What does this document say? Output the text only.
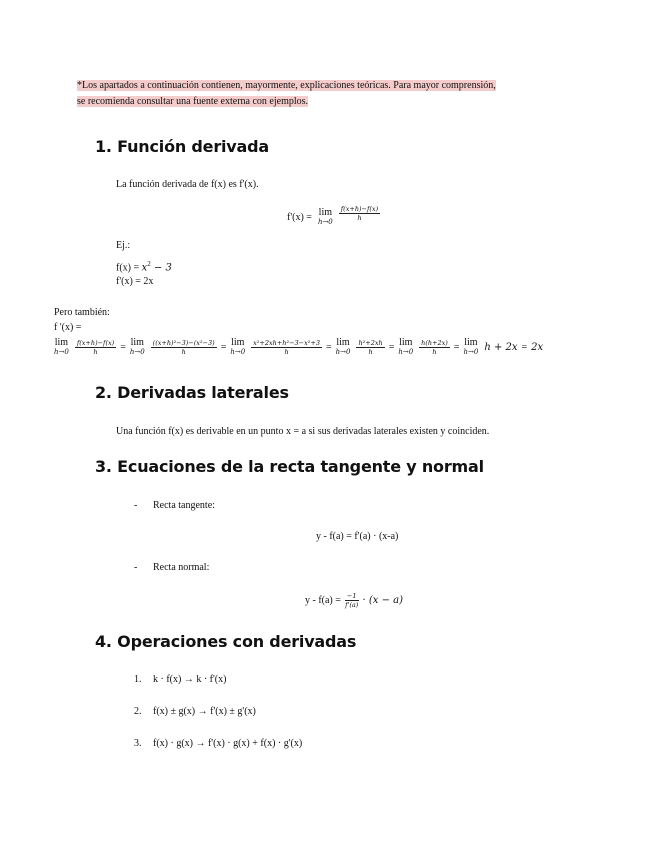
*Los apartados a continuación contienen, mayormente, explicaciones teóricas. Para mayor comprensión,
se recomienda consultar una fuente externa con ejemplos.
1. Función derivada
La función derivada de f(x) es f'(x).
f'(x) = lim
$h\to 0 \frac{f(x+h)-f(x)}{h}$
Ej.:
$f(x) = x^2 - 3$
f'(x) = 2x
Pero también:
f '(x) =
lim
$h\to 0 \frac{f(x+h)-f(x)}{h} = \lim$
$h\to 0 \frac{\text{((x+h)²−3)−(x²−3)}}{h} = \lim$
$h\to 0 \frac{\text{x²+2xh+h²−3−x²+3}}{h} = \lim$
$h\to 0 \frac{\text{h²+2xh}}{h} = \lim$
$h\to 0 \frac{h(h+2x)}{h} = \lim$
h→0 h + 2x = 2x
2. Derivadas laterales
Una función f(x) es derivable en un punto x = a si sus derivadas laterales existen y coinciden.
3. Ecuaciones de la recta tangente y normal
- Recta tangente:
y - f(a) = f'(a) · (x-a)
- Recta normal:
$y - f(a) = \frac{-1}{f'(a)} \cdot (x - a)$
4. Operaciones con derivadas
1. k · f(x) → k · f'(x)
2. f(x) ± g(x) → f'(x) ± g'(x)
3. f(x) · g(x) → f'(x) · g(x) + f(x) · g'(x)
